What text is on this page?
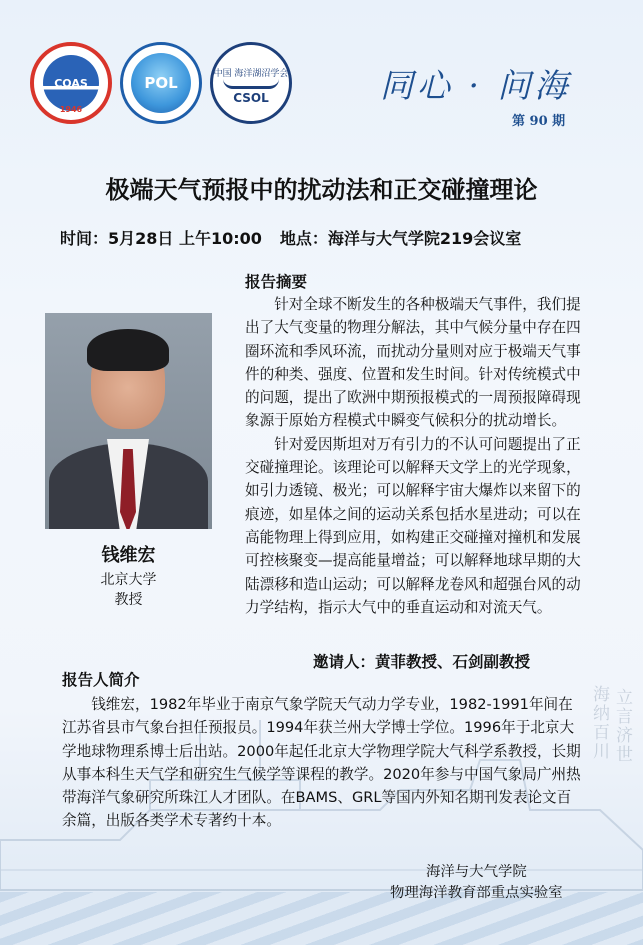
COAS
1946
POL
中国 海洋湖沼学会
CSOL	同心 · 问海
第 90 期
极端天气预报中的扰动法和正交碰撞理论
时间：5月28日 上午10:00 地点：海洋与大气学院219会议室
报告摘要

针对全球不断发生的各种极端天气事件，我们提出了大气变量的物理分解法，其中气候分量中存在四圈环流和季风环流，而扰动分量则对应于极端天气事件的种类、强度、位置和发生时间。针对传统模式中的问题，提出了欧洲中期预报模式的一周预报障碍现象源于原始方程模式中瞬变气候积分的扰动增长。

针对爱因斯坦对万有引力的不认可问题提出了正交碰撞理论。该理论可以解释天文学上的光学现象，如引力透镜、极光；可以解释宇宙大爆炸以来留下的痕迹，如星体之间的运动关系包括水星进动；可以在高能物理上得到应用，如构建正交碰撞对撞机和发展可控核聚变—提高能量增益；可以解释地球早期的大陆漂移和造山运动；可以解释龙卷风和超强台风的动力学结构，指示大气中的垂直运动和对流天气。

钱维宏
北京大学
教授
海纳百川 立言济世
邀请人：黄菲教授、石剑副教授
报告人简介
钱维宏，1982年毕业于南京气象学院天气动力学专业，1982-1991年间在江苏省县市气象台担任预报员。1994年获兰州大学博士学位。1996年于北京大学地球物理系博士后出站。2000年起任北京大学物理学院大气科学系教授，长期从事本科生天气学和研究生气候学等课程的教学。2020年参与中国气象局广州热带海洋气象研究所珠江人才团队。在BAMS、GRL等国内外知名期刊发表论文百余篇，出版各类学术专著约十本。
海洋与大气学院
物理海洋教育部重点实验室
